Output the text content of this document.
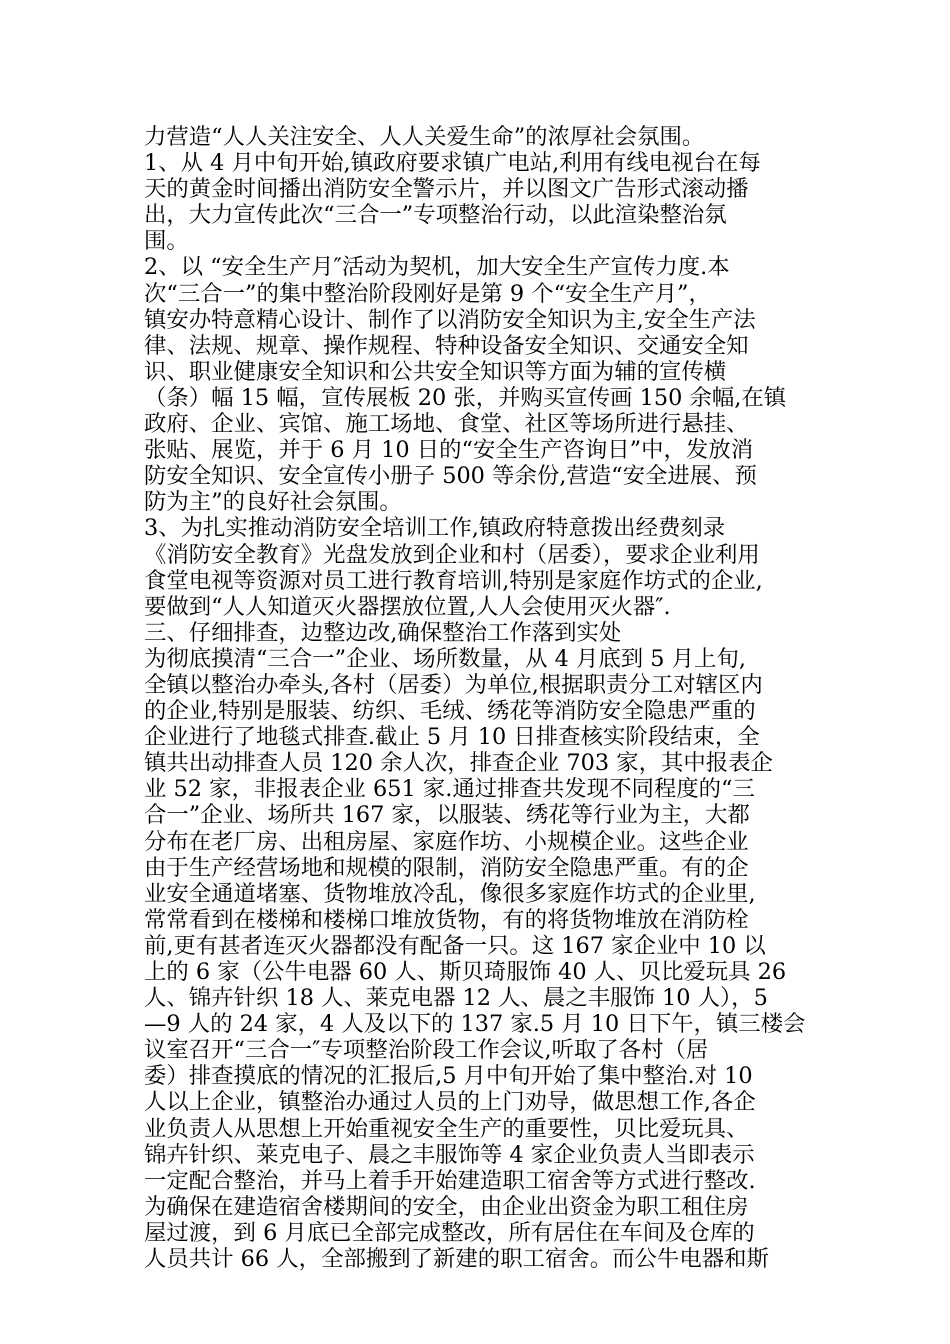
力营造“人人关注安全、人人关爱生命”的浓厚社会氛围。
1、从 4 月中旬开始,镇政府要求镇广电站,利用有线电视台在每
天的黄金时间播出消防安全警示片，并以图文广告形式滚动播
出，大力宣传此次“三合一”专项整治行动，以此渲染整治氛
围。
2、以 “安全生产月″活动为契机，加大安全生产宣传力度.本
次“三合一”的集中整治阶段刚好是第 9 个“安全生产月”，
镇安办特意精心设计、制作了以消防安全知识为主,安全生产法
律、法规、规章、操作规程、特种设备安全知识、交通安全知
识、职业健康安全知识和公共安全知识等方面为辅的宣传横
（条）幅 15 幅，宣传展板 20 张，并购买宣传画 150 余幅,在镇
政府、企业、宾馆、施工场地、食堂、社区等场所进行悬挂、
张贴、展览，并于 6 月 10 日的“安全生产咨询日”中，发放消
防安全知识、安全宣传小册子 500 等余份,营造“安全进展、预
防为主”的良好社会氛围。
3、为扎实推动消防安全培训工作,镇政府特意拨出经费刻录
《消防安全教育》光盘发放到企业和村（居委），要求企业利用
食堂电视等资源对员工进行教育培训,特别是家庭作坊式的企业,
要做到“人人知道灭火器摆放位置,人人会使用灭火器″.
三、仔细排查，边整边改,确保整治工作落到实处
为彻底摸清“三合一”企业、场所数量，从 4 月底到 5 月上旬,
全镇以整治办牵头,各村（居委）为单位,根据职责分工对辖区内
的企业,特别是服装、纺织、毛绒、绣花等消防安全隐患严重的
企业进行了地毯式排查.截止 5 月 10 日排查核实阶段结束，全
镇共出动排查人员 120 余人次，排查企业 703 家，其中报表企
业 52 家，非报表企业 651 家.通过排查共发现不同程度的“三
合一”企业、场所共 167 家，以服装、绣花等行业为主，大都
分布在老厂房、出租房屋、家庭作坊、小规模企业。这些企业
由于生产经营场地和规模的限制，消防安全隐患严重。有的企
业安全通道堵塞、货物堆放冷乱，像很多家庭作坊式的企业里,
常常看到在楼梯和楼梯口堆放货物，有的将货物堆放在消防栓
前,更有甚者连灭火器都没有配备一只。这 167 家企业中 10 以
上的 6 家（公牛电器 60 人、斯贝琦服饰 40 人、贝比爱玩具 26
人、锦卉针织 18 人、莱克电器 12 人、晨之丰服饰 10 人），5
—9 人的 24 家，4 人及以下的 137 家.5 月 10 日下午，镇三楼会
议室召开“三合一″专项整治阶段工作会议,听取了各村（居
委）排查摸底的情况的汇报后,5 月中旬开始了集中整治.对 10
人以上企业，镇整治办通过人员的上门劝导，做思想工作,各企
业负责人从思想上开始重视安全生产的重要性，贝比爱玩具、
锦卉针织、莱克电子、晨之丰服饰等 4 家企业负责人当即表示
一定配合整治，并马上着手开始建造职工宿舍等方式进行整改.
为确保在建造宿舍楼期间的安全，由企业出资金为职工租住房
屋过渡，到 6 月底已全部完成整改，所有居住在车间及仓库的
人员共计 66 人，全部搬到了新建的职工宿舍。而公牛电器和斯
